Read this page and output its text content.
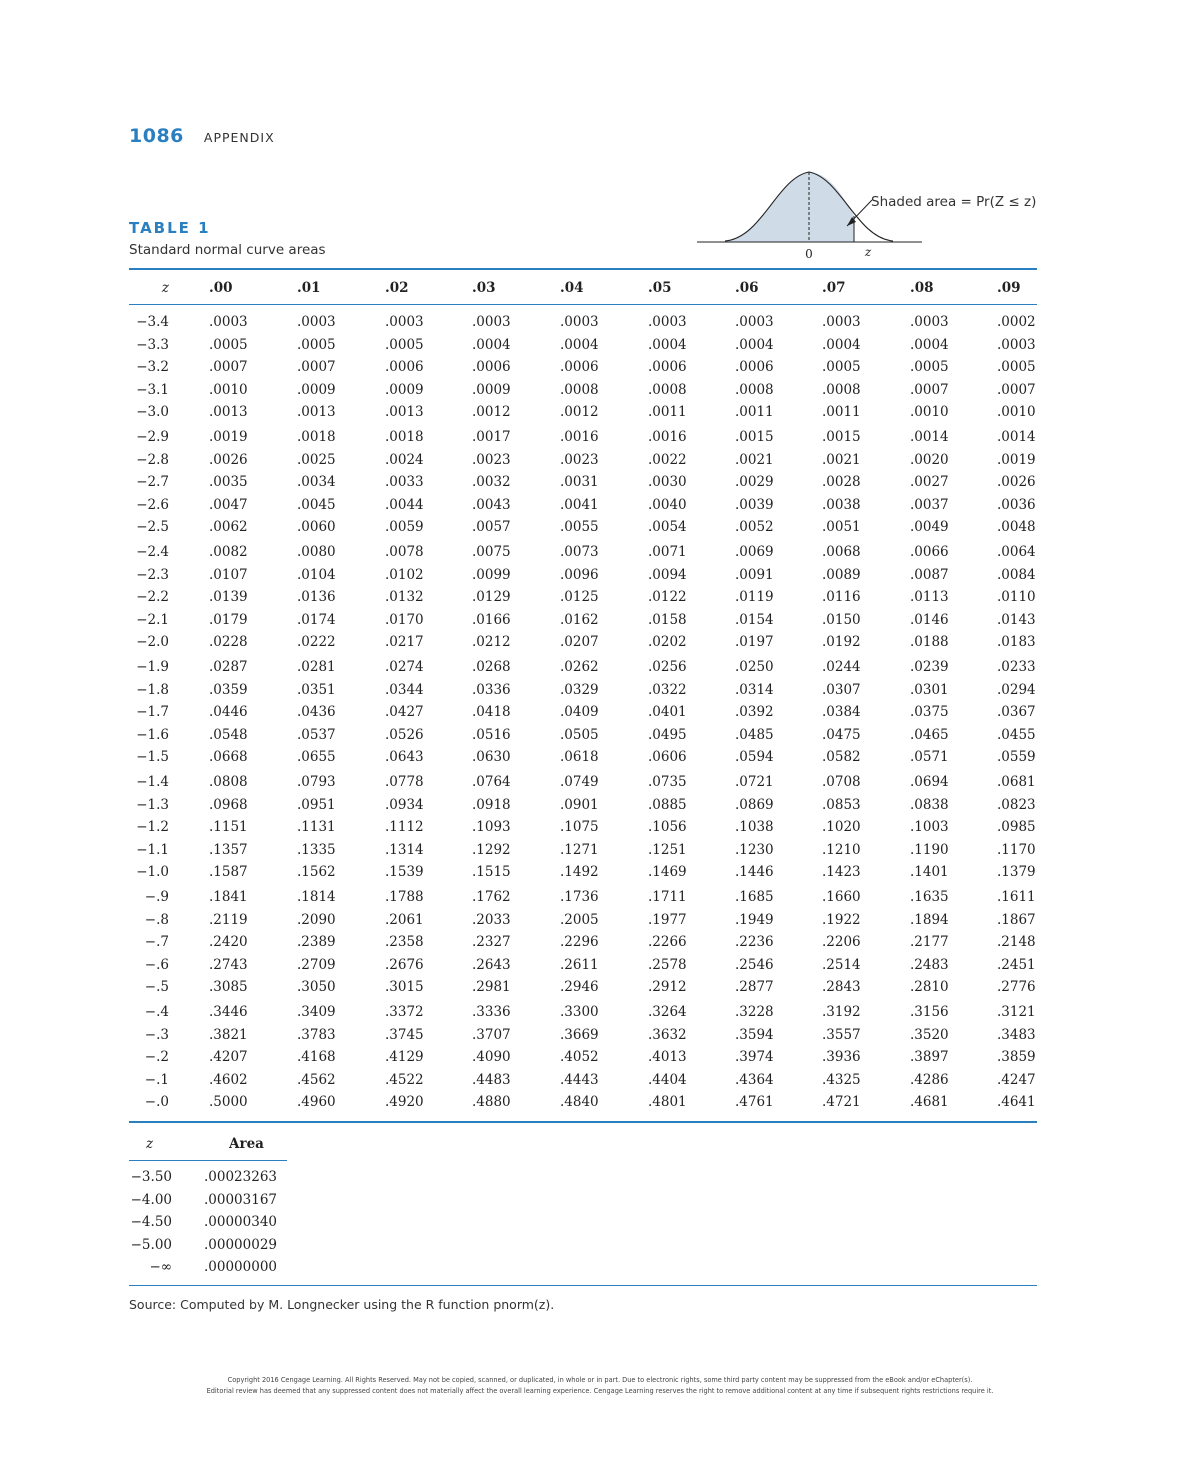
1086 APPENDIX
TABLE 1
Standard normal curve areas	0	z
Shaded area = Pr(Z ≤ z)
z	.00	.01	.02	.03	.04	.05	.06	.07	.08	.09
−3.4	.0003	.0003	.0003	.0003	.0003	.0003	.0003	.0003	.0003	.0002
−3.3	.0005	.0005	.0005	.0004	.0004	.0004	.0004	.0004	.0004	.0003
−3.2	.0007	.0007	.0006	.0006	.0006	.0006	.0006	.0005	.0005	.0005
−3.1	.0010	.0009	.0009	.0009	.0008	.0008	.0008	.0008	.0007	.0007
−3.0	.0013	.0013	.0013	.0012	.0012	.0011	.0011	.0011	.0010	.0010
−2.9	.0019	.0018	.0018	.0017	.0016	.0016	.0015	.0015	.0014	.0014
−2.8	.0026	.0025	.0024	.0023	.0023	.0022	.0021	.0021	.0020	.0019
−2.7	.0035	.0034	.0033	.0032	.0031	.0030	.0029	.0028	.0027	.0026
−2.6	.0047	.0045	.0044	.0043	.0041	.0040	.0039	.0038	.0037	.0036
−2.5	.0062	.0060	.0059	.0057	.0055	.0054	.0052	.0051	.0049	.0048
−2.4	.0082	.0080	.0078	.0075	.0073	.0071	.0069	.0068	.0066	.0064
−2.3	.0107	.0104	.0102	.0099	.0096	.0094	.0091	.0089	.0087	.0084
−2.2	.0139	.0136	.0132	.0129	.0125	.0122	.0119	.0116	.0113	.0110
−2.1	.0179	.0174	.0170	.0166	.0162	.0158	.0154	.0150	.0146	.0143
−2.0	.0228	.0222	.0217	.0212	.0207	.0202	.0197	.0192	.0188	.0183
−1.9	.0287	.0281	.0274	.0268	.0262	.0256	.0250	.0244	.0239	.0233
−1.8	.0359	.0351	.0344	.0336	.0329	.0322	.0314	.0307	.0301	.0294
−1.7	.0446	.0436	.0427	.0418	.0409	.0401	.0392	.0384	.0375	.0367
−1.6	.0548	.0537	.0526	.0516	.0505	.0495	.0485	.0475	.0465	.0455
−1.5	.0668	.0655	.0643	.0630	.0618	.0606	.0594	.0582	.0571	.0559
−1.4	.0808	.0793	.0778	.0764	.0749	.0735	.0721	.0708	.0694	.0681
−1.3	.0968	.0951	.0934	.0918	.0901	.0885	.0869	.0853	.0838	.0823
−1.2	.1151	.1131	.1112	.1093	.1075	.1056	.1038	.1020	.1003	.0985
−1.1	.1357	.1335	.1314	.1292	.1271	.1251	.1230	.1210	.1190	.1170
−1.0	.1587	.1562	.1539	.1515	.1492	.1469	.1446	.1423	.1401	.1379
−.9	.1841	.1814	.1788	.1762	.1736	.1711	.1685	.1660	.1635	.1611
−.8	.2119	.2090	.2061	.2033	.2005	.1977	.1949	.1922	.1894	.1867
−.7	.2420	.2389	.2358	.2327	.2296	.2266	.2236	.2206	.2177	.2148
−.6	.2743	.2709	.2676	.2643	.2611	.2578	.2546	.2514	.2483	.2451
−.5	.3085	.3050	.3015	.2981	.2946	.2912	.2877	.2843	.2810	.2776
−.4	.3446	.3409	.3372	.3336	.3300	.3264	.3228	.3192	.3156	.3121
−.3	.3821	.3783	.3745	.3707	.3669	.3632	.3594	.3557	.3520	.3483
−.2	.4207	.4168	.4129	.4090	.4052	.4013	.3974	.3936	.3897	.3859
−.1	.4602	.4562	.4522	.4483	.4443	.4404	.4364	.4325	.4286	.4247
−.0	.5000	.4960	.4920	.4880	.4840	.4801	.4761	.4721	.4681	.4641
z	Area
−3.50 .00023263
−4.00 .00003167
−4.50 .00000340
−5.00 .00000029
−∞ .00000000
Source: Computed by M. Longnecker using the R function pnorm(z).
Copyright 2016 Cengage Learning. All Rights Reserved. May not be copied, scanned, or duplicated, in whole or in part. Due to electronic rights, some third party content may be suppressed from the eBook and/or eChapter(s).
Editorial review has deemed that any suppressed content does not materially affect the overall learning experience. Cengage Learning reserves the right to remove additional content at any time if subsequent rights restrictions require it.
